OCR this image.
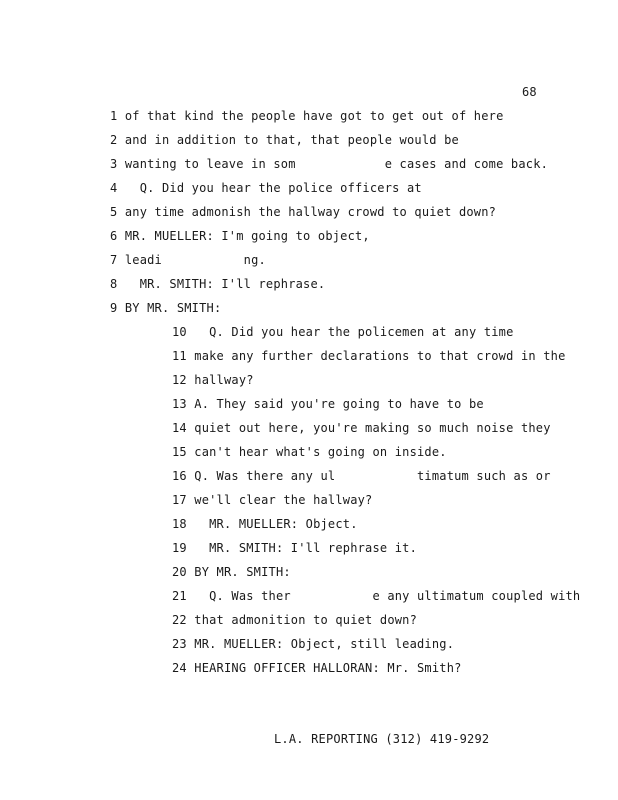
68
1 of that kind the people have got to get out of here
2 and in addition to that, that people would be
3 wanting to leave in som            e cases and come back.
4   Q. Did you hear the police officers at
5 any time admonish the hallway crowd to quiet down?
6 MR. MUELLER: I'm going to object,
7 leadi           ng.
8   MR. SMITH: I'll rephrase.
9 BY MR. SMITH:
10   Q. Did you hear the policemen at any time
11 make any further declarations to that crowd in the
12 hallway?
13 A. They said you're going to have to be
14 quiet out here, you're making so much noise they
15 can't hear what's going on inside.
16 Q. Was there any ul           timatum such as or
17 we'll clear the hallway?
18   MR. MUELLER: Object.
19   MR. SMITH: I'll rephrase it.
20 BY MR. SMITH:
21   Q. Was ther           e any ultimatum coupled with
22 that admonition to quiet down?
23 MR. MUELLER: Object, still leading.
24 HEARING OFFICER HALLORAN: Mr. Smith?
L.A. REPORTING (312) 419-9292
